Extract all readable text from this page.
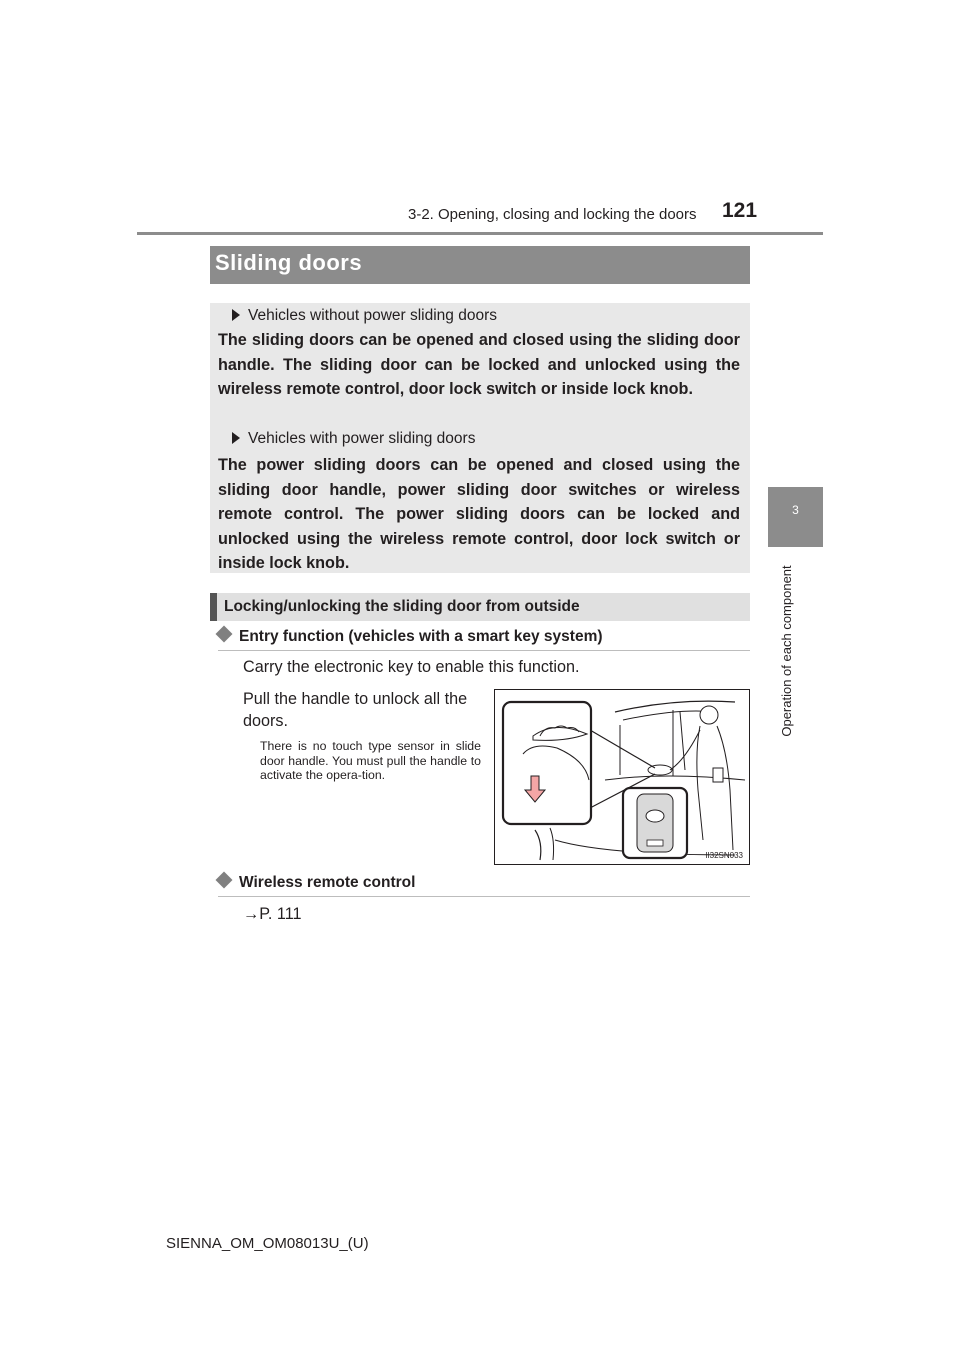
3-2. Opening, closing and locking the doors 121
3
Operation of each component
Sliding doors
Vehicles without power sliding doors
The sliding doors can be opened and closed using the sliding door handle. The sliding door can be locked and unlocked using the wireless remote control, door lock switch or inside lock knob.
Vehicles with power sliding doors
The power sliding doors can be opened and closed using the sliding door handle, power sliding door switches or wireless remote control. The power sliding doors can be locked and unlocked using the wireless remote control, door lock switch or inside lock knob.
Locking/unlocking the sliding door from outside
Entry function (vehicles with a smart key system)
Carry the electronic key to enable this function.
Pull the handle to unlock all the doors.
There is no touch type sensor in slide door handle. You must pull the handle to activate the opera-tion.
II32SN033
Wireless remote control
→P. 111
SIENNA_OM_OM08013U_(U)
